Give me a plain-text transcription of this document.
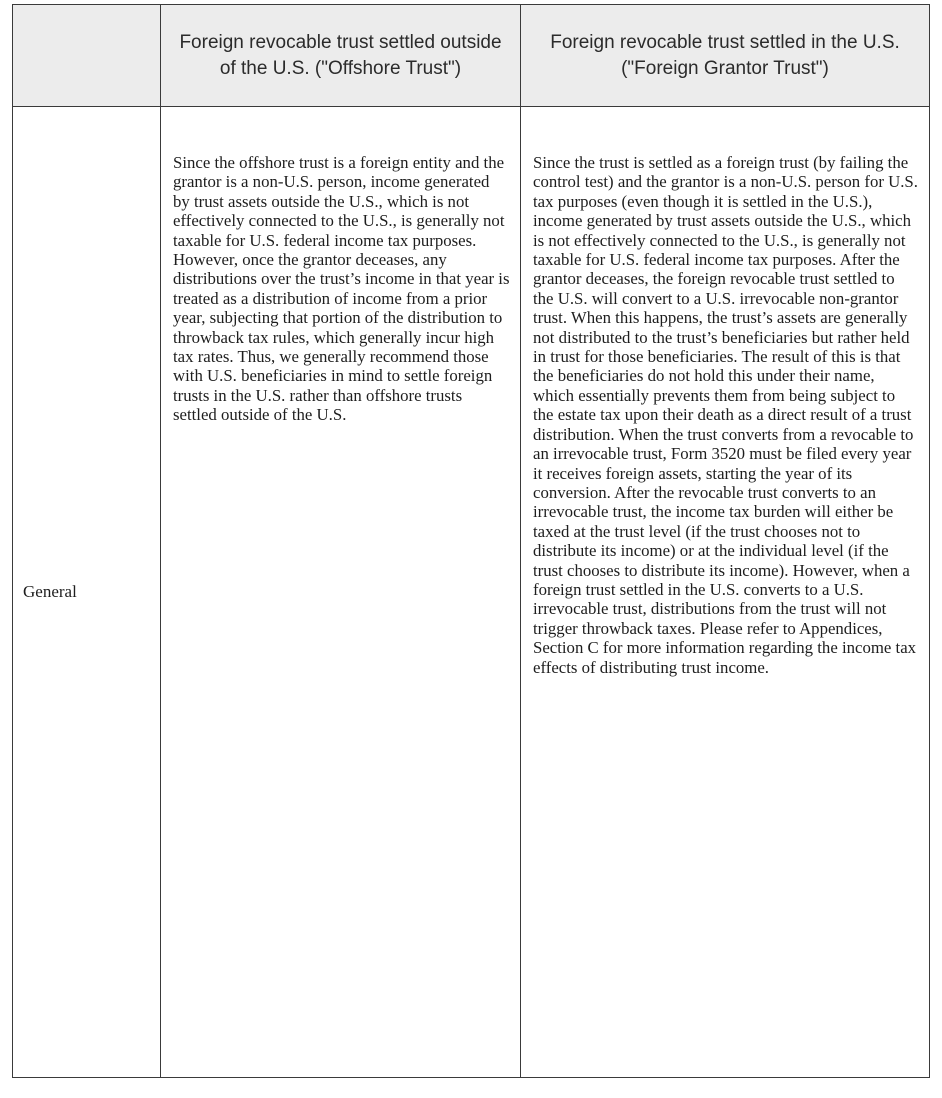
Foreign revocable trust settled outside of the U.S. ("Offshore Trust")
Foreign revocable trust settled in the U.S. ("Foreign Grantor Trust")
General
Since the offshore trust is a foreign entity and the grantor is a non-U.S. person, income generated by trust assets outside the U.S., which is not effectively connected to the U.S., is generally not taxable for U.S. federal income tax purposes. However, once the grantor deceases, any distributions over the trust’s income in that year is treated as a distribution of income from a prior year, subjecting that portion of the distribution to throwback tax rules, which generally incur high tax rates. Thus, we generally recommend those with U.S. beneficiaries in mind to settle foreign trusts in the U.S. rather than offshore trusts settled outside of the U.S.
Since the trust is settled as a foreign trust (by failing the control test) and the grantor is a non-U.S. person for U.S. tax purposes (even though it is settled in the U.S.), income generated by trust assets outside the U.S., which is not effectively connected to the U.S., is generally not taxable for U.S. federal income tax purposes. After the grantor deceases, the foreign revocable trust settled to the U.S. will convert to a U.S. irrevocable non-grantor trust. When this happens, the trust’s assets are generally not distributed to the trust’s beneficiaries but rather held in trust for those beneficiaries. The result of this is that the beneficiaries do not hold this under their name, which essentially prevents them from being subject to the estate tax upon their death as a direct result of a trust distribution. When the trust converts from a revocable to an irrevocable trust, Form 3520 must be filed every year it receives foreign assets, starting the year of its conversion. After the revocable trust converts to an irrevocable trust, the income tax burden will either be taxed at the trust level (if the trust chooses not to distribute its income) or at the individual level (if the trust chooses to distribute its income). However, when a foreign trust settled in the U.S. converts to a U.S. irrevocable trust, distributions from the trust will not trigger throwback taxes. Please refer to Appendices, Section C for more information regarding the income tax effects of distributing trust income.
